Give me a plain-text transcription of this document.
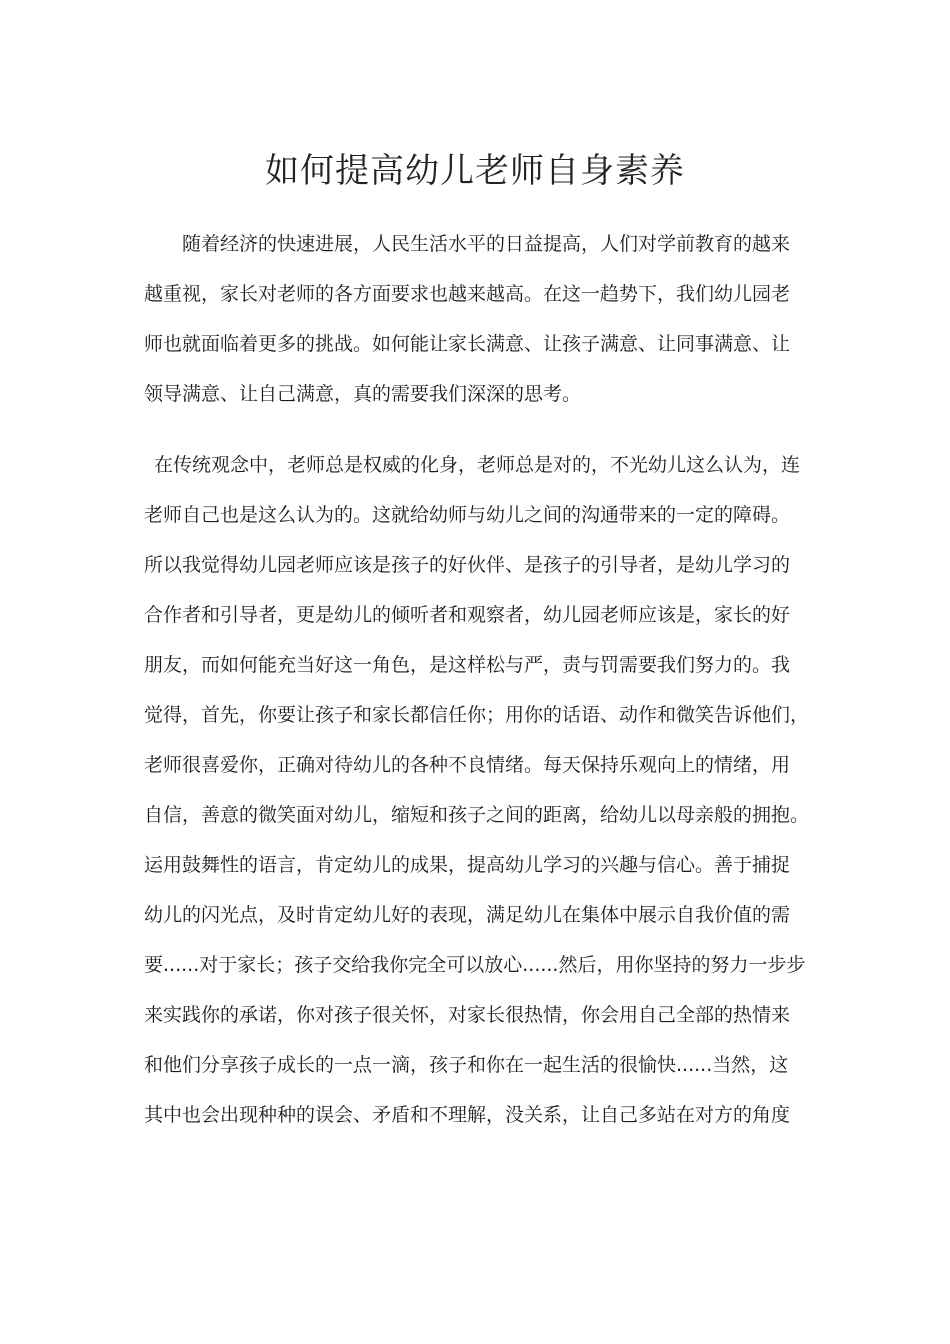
如何提高幼儿老师自身素养
随着经济的快速进展，人民生活水平的日益提高，人们对学前教育的越来
越重视，家长对老师的各方面要求也越来越高。在这一趋势下，我们幼儿园老
师也就面临着更多的挑战。如何能让家长满意、让孩子满意、让同事满意、让
领导满意、让自己满意，真的需要我们深深的思考。
在传统观念中，老师总是权威的化身，老师总是对的，不光幼儿这么认为，连
老师自己也是这么认为的。这就给幼师与幼儿之间的沟通带来的一定的障碍。
所以我觉得幼儿园老师应该是孩子的好伙伴、是孩子的引导者，是幼儿学习的
合作者和引导者，更是幼儿的倾听者和观察者，幼儿园老师应该是，家长的好
朋友，而如何能充当好这一角色，是这样松与严，责与罚需要我们努力的。我
觉得，首先，你要让孩子和家长都信任你；用你的话语、动作和微笑告诉他们，
老师很喜爱你，正确对待幼儿的各种不良情绪。每天保持乐观向上的情绪，用
自信，善意的微笑面对幼儿，缩短和孩子之间的距离，给幼儿以母亲般的拥抱。
运用鼓舞性的语言，肯定幼儿的成果，提高幼儿学习的兴趣与信心。善于捕捉
幼儿的闪光点，及时肯定幼儿好的表现，满足幼儿在集体中展示自我价值的需
要......对于家长；孩子交给我你完全可以放心......然后，用你坚持的努力一步步
来实践你的承诺，你对孩子很关怀，对家长很热情，你会用自己全部的热情来
和他们分享孩子成长的一点一滴，孩子和你在一起生活的很愉快......当然，这
其中也会出现种种的误会、矛盾和不理解，没关系，让自己多站在对方的角度
